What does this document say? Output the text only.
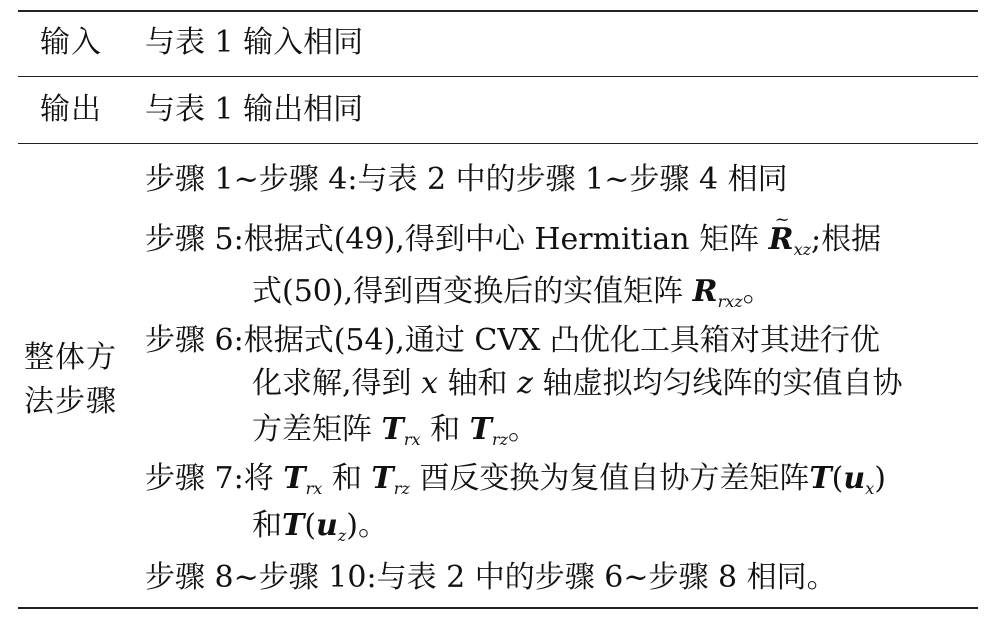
输入 与表 1 输入相同
输出 与表 1 输出相同
整体方
法步骤
步骤 1~步骤 4:与表 2 中的步骤 1~步骤 4 相同
步骤 5:根据式(49),得到中心 Hermitian 矩阵 ~ $R_{xz}$;根据
式(50),得到酉变换后的实值矩阵 $R_{rxz}$。
步骤 6:根据式(54),通过 CVX 凸优化工具箱对其进行优
化求解,得到 x 轴和 z 轴虚拟均匀线阵的实值自协
方差矩阵 $T_{rx}$ 和 $T_{rz}$。
步骤 7:将 $T_{rx}$ 和 $T_{rz}$ 酉反变换为复值自协方差矩阵$T(u_x)$
和$T(u_z)$。
步骤 8~步骤 10:与表 2 中的步骤 6~步骤 8 相同。
